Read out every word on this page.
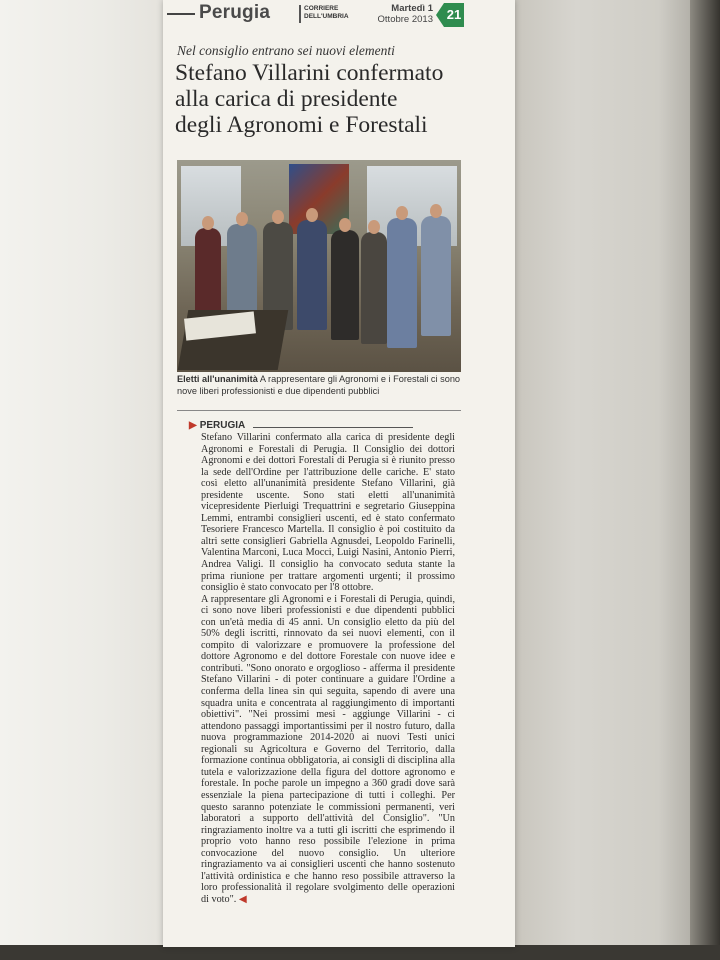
Perugia	CORRIERE DELL'UMBRIA
Martedì 1
Ottobre 2013 21
Nel consiglio entrano sei nuovi elementi
Stefano Villarini confermato
alla carica di presidente
degli Agronomi e Forestali
Eletti all'unanimità A rappresentare gli Agronomi e i Forestali ci sono nove liberi professionisti e due dipendenti pubblici
▶ PERUGIA

Stefano Villarini confermato alla carica di presidente degli Agronomi e Forestali di Perugia. Il Consiglio dei dottori Agronomi e dei dottori Forestali di Perugia si è riunito presso la sede dell'Ordine per l'attribuzione delle cariche. E' stato così eletto all'unanimità presidente Stefano Villarini, già presidente uscente. Sono stati eletti all'unanimità vicepresidente Pierluigi Trequattrini e segretario Giuseppina Lemmi, entrambi consiglieri uscenti, ed è stato confermato Tesoriere Francesco Martella. Il consiglio è poi costituito da altri sette consiglieri Gabriella Agnusdei, Leopoldo Farinelli, Valentina Marconi, Luca Mocci, Luigi Nasini, Antonio Pierri, Andrea Valigi. Il consiglio ha convocato seduta stante la prima riunione per trattare argomenti urgenti; il prossimo consiglio è stato convocato per l'8 ottobre.

A rappresentare gli Agronomi e i Forestali di Perugia, quindi, ci sono nove liberi professionisti e due dipendenti pubblici con un'età media di 45 anni. Un consiglio eletto da più del 50% degli iscritti, rinnovato da sei nuovi elementi, con il compito di valorizzare e promuovere la professione del dottore Agronomo e del dottore Forestale con nuove idee e contributi. "Sono onorato e orgoglioso - afferma il presidente Stefano Villarini - di poter continuare a guidare l'Ordine a conferma della linea sin qui seguita, sapendo di avere una squadra unita e concentrata al raggiungimento di importanti obiettivi". "Nei prossimi mesi - aggiunge Villarini - ci attendono passaggi importantissimi per il nostro futuro, dalla nuova programmazione 2014-2020 ai nuovi Testi unici regionali su Agricoltura e Governo del Territorio, dalla formazione continua obbligatoria, ai consigli di disciplina alla tutela e valorizzazione della figura del dottore agronomo e forestale. In poche parole un impegno a 360 gradi dove sarà essenziale la piena partecipazione di tutti i colleghi. Per questo saranno potenziate le commissioni permanenti, veri laboratori a supporto dell'attività del Consiglio". "Un ringraziamento inoltre va a tutti gli iscritti che esprimendo il proprio voto hanno reso possibile l'elezione in prima convocazione del nuovo consiglio. Un ulteriore ringraziamento va ai consiglieri uscenti che hanno sostenuto l'attività ordinistica e che hanno reso possibile attraverso la loro professionalità il regolare svolgimento delle operazioni di voto". ◀
